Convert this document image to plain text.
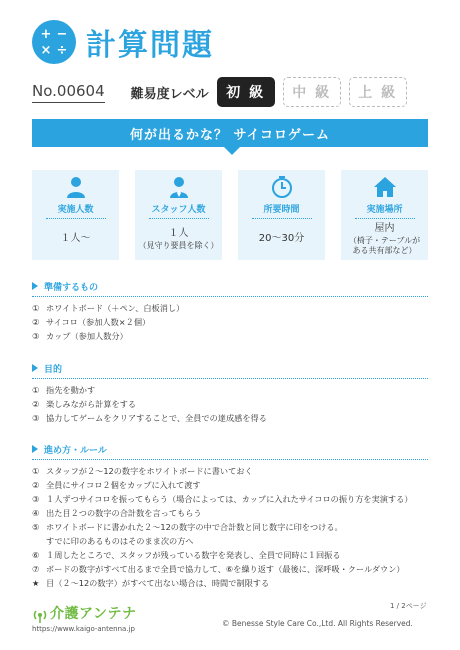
+ −
× ÷ 計算問題
No.00604 難易度レベル	初 級	中 級	上 級
何が出るかな？ サイコロゲーム
実施人数
１人〜
スタッフ人数
１人
（見守り要員を除く）
所要時間
20〜30分
実施場所
屋内
（椅子・テーブルが
ある共有部など）
準備するもの
① ホワイトボード（＋ペン、白板消し）
② サイコロ（参加人数×２個）
③ カップ（参加人数分）
目的
① 指先を動かす
② 楽しみながら計算をする
③ 協力してゲームをクリアすることで、全員での達成感を得る
進め方・ルール
① スタッフが２〜12の数字をホワイトボードに書いておく
② 全員にサイコロ２個をカップに入れて渡す
③ １人ずつサイコロを振ってもらう（場合によっては、カップに入れたサイコロの振り方を実演する）
④ 出た目２つの数字の合計数を言ってもらう
⑤ ホワイトボードに書かれた２〜12の数字の中で合計数と同じ数字に印をつける。
すでに印のあるものはそのまま次の方へ
⑥ １周したところで、スタッフが残っている数字を発表し、全員で同時に１回振る
⑦ ボードの数字がすべて出るまで全員で協力して、⑥を繰り返す（最後に、深呼吸・クールダウン）
★ 目（２〜12の数字）がすべて出ない場合は、時間で制限する
1 / 2ページ
介護アンテナ
https://www.kaigo-antenna.jp
© Benesse Style Care Co.,Ltd. All Rights Reserved.
